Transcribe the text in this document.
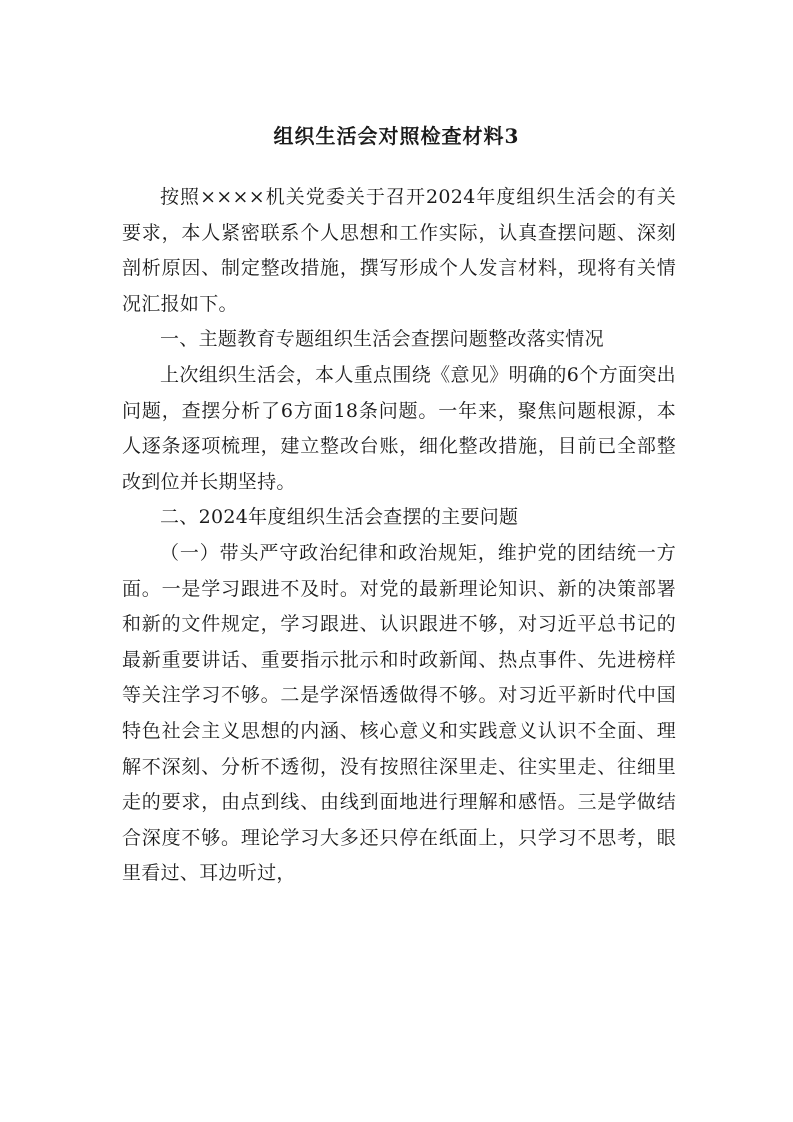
组织生活会对照检查材料3

按照××××机关党委关于召开2024年度组织生活会的有关要求，本人紧密联系个人思想和工作实际，认真查摆问题、深刻剖析原因、制定整改措施，撰写形成个人发言材料，现将有关情况汇报如下。

一、主题教育专题组织生活会查摆问题整改落实情况

上次组织生活会，本人重点围绕《意见》明确的6个方面突出问题，查摆分析了6方面18条问题。一年来，聚焦问题根源，本人逐条逐项梳理，建立整改台账，细化整改措施，目前已全部整改到位并长期坚持。

二、2024年度组织生活会查摆的主要问题

（一）带头严守政治纪律和政治规矩，维护党的团结统一方面。一是学习跟进不及时。对党的最新理论知识、新的决策部署和新的文件规定，学习跟进、认识跟进不够，对习近平总书记的最新重要讲话、重要指示批示和时政新闻、热点事件、先进榜样等关注学习不够。二是学深悟透做得不够。对习近平新时代中国特色社会主义思想的内涵、核心意义和实践意义认识不全面、理解不深刻、分析不透彻，没有按照往深里走、往实里走、往细里走的要求，由点到线、由线到面地进行理解和感悟。三是学做结合深度不够。理论学习大多还只停在纸面上，只学习不思考，眼里看过、耳边听过，
